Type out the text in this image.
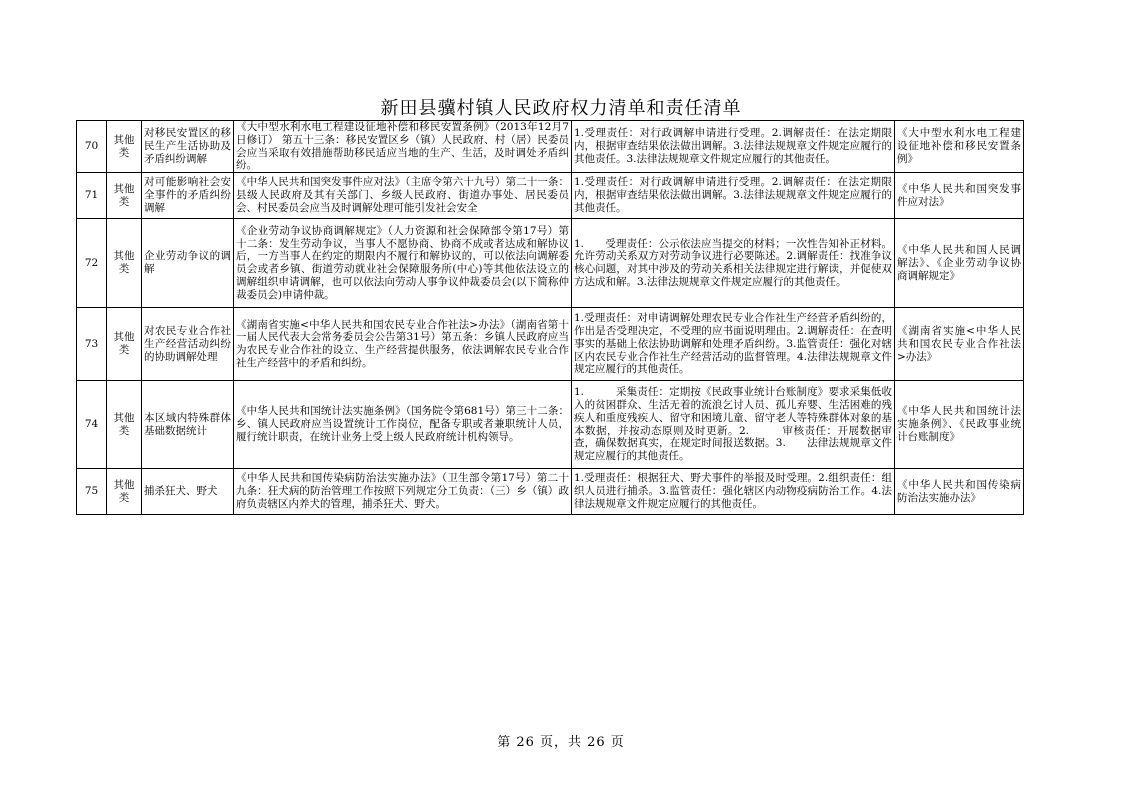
新田县骥村镇人民政府权力清单和责任清单
70	其他类	对移民安置区的移民生产生活协助及矛盾纠纷调解	《大中型水利水电工程建设征地补偿和移民安置条例》（2013年12月7日修订） 第五十三条：移民安置区乡（镇）人民政府、村（居）民委员会应当采取有效措施帮助移民适应当地的生产、生活，及时调处矛盾纠纷。	1.受理责任：对行政调解申请进行受理。2.调解责任：在法定期限内，根据审查结果依法做出调解。3.法律法规规章文件规定应履行的其他责任。3.法律法规规章文件规定应履行的其他责任。	《大中型水利水电工程建设征地补偿和移民安置条例》
71	其他类	对可能影响社会安全事件的矛盾纠纷调解	《中华人民共和国突发事件应对法》（主席令第六十九号）第二十一条：县级人民政府及其有关部门、乡级人民政府、街道办事处、居民委员会、村民委员会应当及时调解处理可能引发社会安全	1.受理责任：对行政调解申请进行受理。2.调解责任：在法定期限内，根据审查结果依法做出调解。3.法律法规规章文件规定应履行的其他责任。	《中华人民共和国突发事件应对法》
72	其他类	企业劳动争议的调解	《企业劳动争议协商调解规定》（人力资源和社会保障部令第17号）第十二条：发生劳动争议，当事人不愿协商、协商不成或者达成和解协议后，一方当事人在约定的期限内不履行和解协议的，可以依法向调解委员会或者乡镇、街道劳动就业社会保障服务所(中心)等其他依法设立的调解组织申请调解，也可以依法向劳动人事争议仲裁委员会(以下简称仲裁委员会)申请仲裁。	1.　　受理责任：公示依法应当提交的材料；一次性告知补正材料。允许劳动关系双方对劳动争议进行必要陈述。2.调解责任：找准争议核心问题，对其中涉及的劳动关系相关法律规定进行解读，并促使双方达成和解。3.法律法规规章文件规定应履行的其他责任。	《中华人民共和国人民调解法》、《企业劳动争议协商调解规定》
73	其他类	对农民专业合作社生产经营活动纠纷的协助调解处理	《湖南省实施<中华人民共和国农民专业合作社法>办法》（湖南省第十一届人民代表大会常务委员会公告第31号）第五条：乡镇人民政府应当为农民专业合作社的设立、生产经营提供服务，依法调解农民专业合作社生产经营中的矛盾和纠纷。	1.受理责任：对申请调解处理农民专业合作社生产经营矛盾纠纷的，作出是否受理决定，不受理的应书面说明理由。2.调解责任：在查明事实的基础上依法协助调解和处理矛盾纠纷。3.监管责任：强化对辖区内农民专业合作社生产经营活动的监督管理。4.法律法规规章文件规定应履行的其他责任。	《湖南省实施<中华人民共和国农民专业合作社法>办法》
74	其他类	本区域内特殊群体基础数据统计	《中华人民共和国统计法实施条例》（国务院令第681号）第三十二条：乡、镇人民政府应当设置统计工作岗位，配备专职或者兼职统计人员，履行统计职责，在统计业务上受上级人民政府统计机构领导。	1.　　　采集责任：定期按《民政事业统计台账制度》要求采集低收入的贫困群众、生活无着的流浪乞讨人员、孤儿弃婴、生活困难的残疾人和重度残疾人、留守和困境儿童、留守老人等特殊群体对象的基本数据，并按动态原则及时更新。2.　　　审核责任：开展数据审查，确保数据真实，在规定时间报送数据。3.　　法律法规规章文件规定应履行的其他责任。	《中华人民共和国统计法实施条例》、《民政事业统计台账制度》
75	其他类	捕杀狂犬、野犬	《中华人民共和国传染病防治法实施办法》（卫生部令第17号）第二十九条：狂犬病的防治管理工作按照下列规定分工负责：（三）乡（镇）政府负责辖区内养犬的管理，捕杀狂犬、野犬。	1.受理责任：根据狂犬、野犬事件的举报及时受理。2.组织责任：组织人员进行捕杀。3.监管责任：强化辖区内动物疫病防治工作。4.法律法规规章文件规定应履行的其他责任。	《中华人民共和国传染病防治法实施办法》
第 26 页，共 26 页
